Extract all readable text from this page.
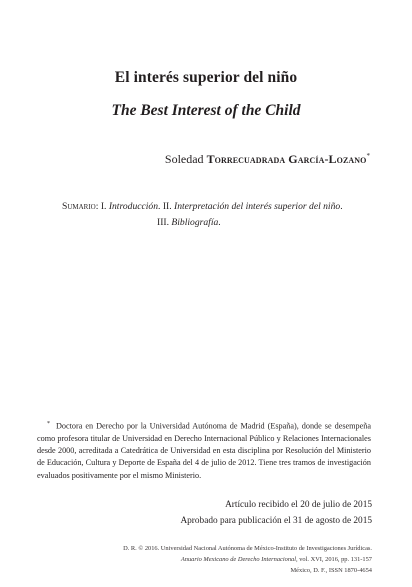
El interés superior del niño
The Best Interest of the Child
Soledad Torrecuadrada García-Lozano*
Sumario: I. Introducción. II. Interpretación del interés superior del niño.
III. Bibliografía.
* Doctora en Derecho por la Universidad Autónoma de Madrid (España), donde se desempeña como profesora titular de Universidad en Derecho Internacional Público y Relaciones Internacionales desde 2000, acreditada a Catedrática de Universidad en esta disciplina por Resolución del Ministerio de Educación, Cultura y Deporte de España del 4 de julio de 2012. Tiene tres tramos de investigación evaluados positivamente por el mismo Ministerio.
Artículo recibido el 20 de julio de 2015
Aprobado para publicación el 31 de agosto de 2015
D. R. © 2016. Universidad Nacional Autónoma de México-Instituto de Investigaciones Jurídicas.
Anuario Mexicano de Derecho Internacional, vol. XVI, 2016, pp. 131-157
México, D. F., ISSN 1870-4654
